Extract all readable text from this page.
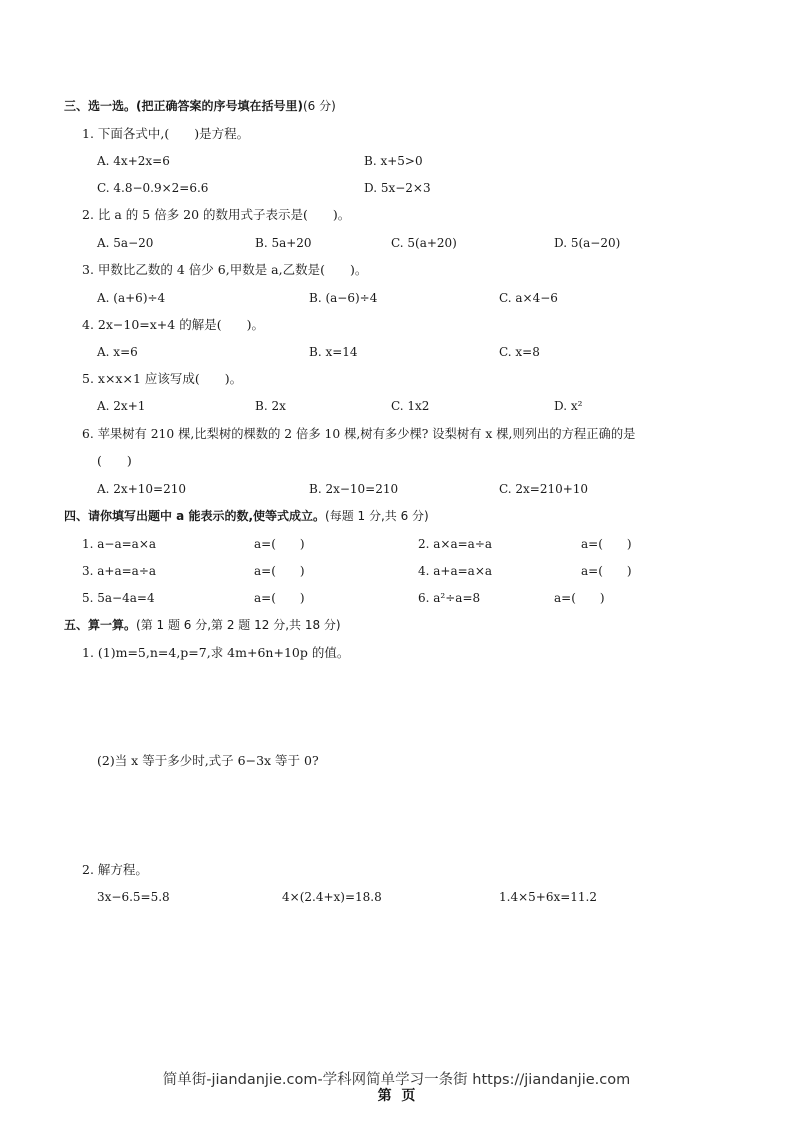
三、选一选。(把正确答案的序号填在括号里)(6 分)
1. 下面各式中,(　　)是方程。
A. 4x+2x=6	B. x+5>0
C. 4.8−0.9×2=6.6	D. 5x−2×3
2. 比 a 的 5 倍多 20 的数用式子表示是(　　)。
A. 5a−20	B. 5a+20	C. 5(a+20)	D. 5(a−20)
3. 甲数比乙数的 4 倍少 6,甲数是 a,乙数是(　　)。
A. (a+6)÷4	B. (a−6)÷4	C. a×4−6
4. 2x−10=x+4 的解是(　　)。
A. x=6	B. x=14	C. x=8
5. x×x×1 应该写成(　　)。
A. 2x+1	B. 2x	C. 1x2	D. x²
6. 苹果树有 210 棵,比梨树的棵数的 2 倍多 10 棵,树有多少棵? 设梨树有 x 棵,则列出的方程正确的是
(　　)
A. 2x+10=210	B. 2x−10=210	C. 2x=210+10
四、请你填写出题中 a 能表示的数,使等式成立。(每题 1 分,共 6 分)
1. a−a=a×a	a=(　　)	2. a×a=a÷a	a=(　　)
3. a+a=a÷a	a=(　　)	4. a+a=a×a	a=(　　)
5. 5a−4a=4	a=(　　)	6. a²÷a=8	a=(　　)
五、算一算。(第 1 题 6 分,第 2 题 12 分,共 18 分)
1. (1)m=5,n=4,p=7,求 4m+6n+10p 的值。
(2)当 x 等于多少时,式子 6−3x 等于 0?
2. 解方程。
3x−6.5=5.8	4×(2.4+x)=18.8	1.4×5+6x=11.2
简单街-jiandanjie.com-学科网简单学习一条街 https://jiandanjie.com
第  页
